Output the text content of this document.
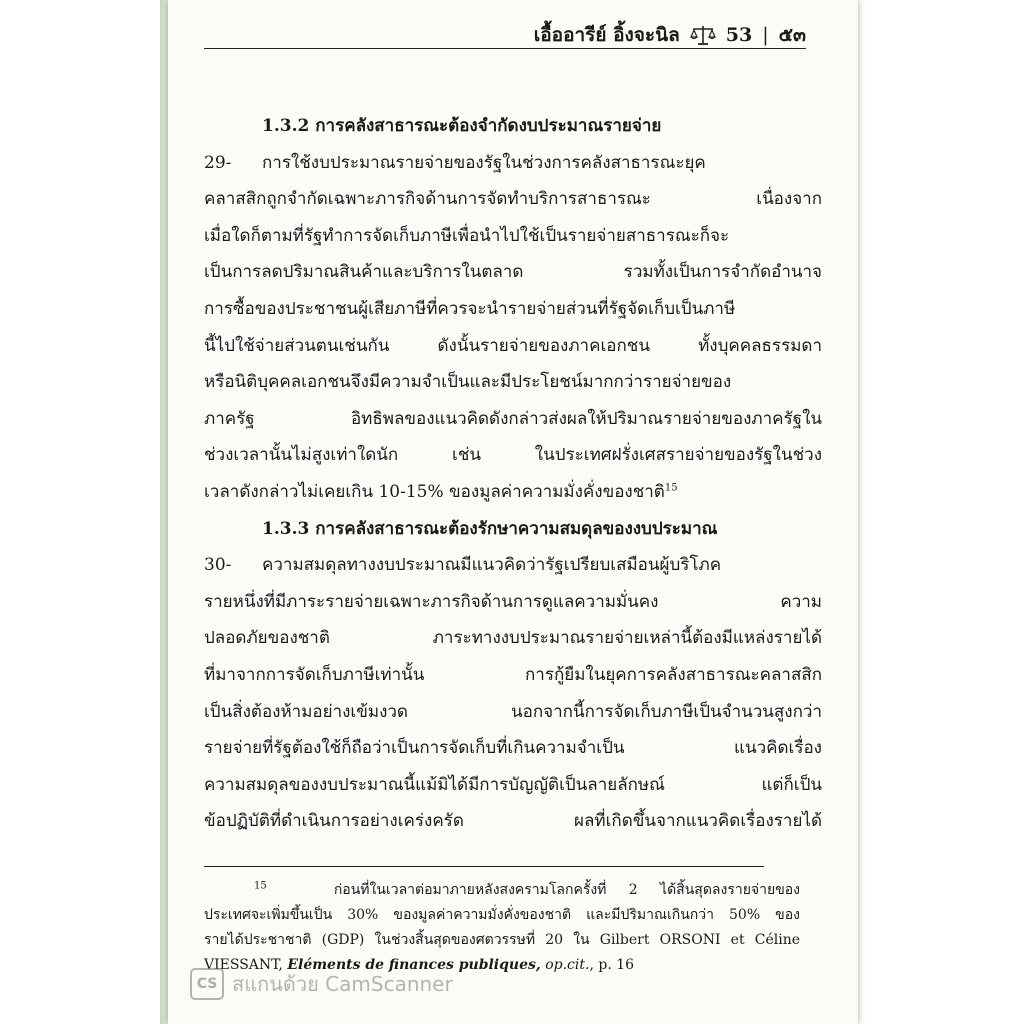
เอื้ออารีย์ อิ้งจะนิล 53 | ๕๓
1.3.2 การคลังสาธารณะต้องจำกัดงบประมาณรายจ่าย
29-	การใช้งบประมาณรายจ่ายของรัฐในช่วงการคลังสาธารณะยุค
คลาสสิกถูกจำกัดเฉพาะภารกิจด้านการจัดทำบริการสาธารณะ เนื่องจาก
เมื่อใดก็ตามที่รัฐทำการจัดเก็บภาษีเพื่อนำไปใช้เป็นรายจ่ายสาธารณะก็จะ
เป็นการลดปริมาณสินค้าและบริการในตลาด รวมทั้งเป็นการจำกัดอำนาจ
การซื้อของประชาชนผู้เสียภาษีที่ควรจะนำรายจ่ายส่วนที่รัฐจัดเก็บเป็นภาษี
นี้ไปใช้จ่ายส่วนตนเช่นกัน ดังนั้นรายจ่ายของภาคเอกชน ทั้งบุคคลธรรมดา
หรือนิติบุคคลเอกชนจึงมีความจำเป็นและมีประโยชน์มากกว่ารายจ่ายของ
ภาครัฐ อิทธิพลของแนวคิดดังกล่าวส่งผลให้ปริมาณรายจ่ายของภาครัฐใน
ช่วงเวลานั้นไม่สูงเท่าใดนัก เช่น ในประเทศฝรั่งเศสรายจ่ายของรัฐในช่วง
เวลาดังกล่าวไม่เคยเกิน 10-15% ของมูลค่าความมั่งคั่งของชาติ$^{15}$
1.3.3 การคลังสาธารณะต้องรักษาความสมดุลของงบประมาณ
30-	ความสมดุลทางงบประมาณมีแนวคิดว่ารัฐเปรียบเสมือนผู้บริโภค
รายหนึ่งที่มีภาระรายจ่ายเฉพาะภารกิจด้านการดูแลความมั่นคง ความ
ปลอดภัยของชาติ ภาระทางงบประมาณรายจ่ายเหล่านี้ต้องมีแหล่งรายได้
ที่มาจากการจัดเก็บภาษีเท่านั้น การกู้ยืมในยุคการคลังสาธารณะคลาสสิก
เป็นสิ่งต้องห้ามอย่างเข้มงวด นอกจากนี้การจัดเก็บภาษีเป็นจำนวนสูงกว่า
รายจ่ายที่รัฐต้องใช้ก็ถือว่าเป็นการจัดเก็บที่เกินความจำเป็น แนวคิดเรื่อง
ความสมดุลของงบประมาณนี้แม้มิได้มีการบัญญัติเป็นลายลักษณ์ แต่ก็เป็น
ข้อปฏิบัติที่ดำเนินการอย่างเคร่งครัด ผลที่เกิดขึ้นจากแนวคิดเรื่องรายได้
$^{15}$	ก่อนที่ในเวลาต่อมาภายหลังสงครามโลกครั้งที่ 2 ได้สิ้นสุดลงรายจ่ายของ
ประเทศจะเพิ่มขึ้นเป็น 30% ของมูลค่าความมั่งคั่งของชาติ และมีปริมาณเกินกว่า 50% ของ
รายได้ประชาชาติ (GDP) ในช่วงสิ้นสุดของศตวรรษที่ 20 ใน Gilbert ORSONI et Céline
VIESSANT, Eléments de finances publiques, op.cit., p. 16
CS สแกนด้วย CamScanner
